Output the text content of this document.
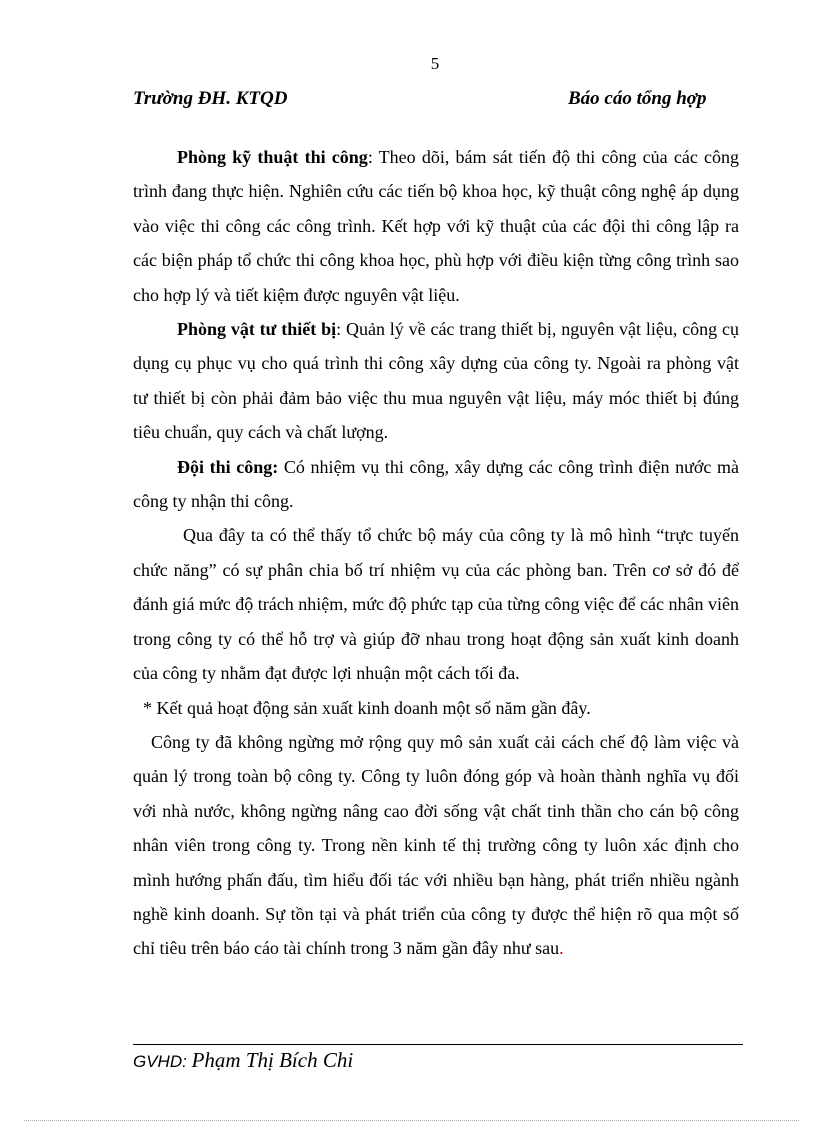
5
Trường ĐH. KTQD	Báo cáo tổng hợp

Phòng kỹ thuật thi công: Theo dõi, bám sát tiến độ thi công của các công trình đang thực hiện. Nghiên cứu các tiến bộ khoa học, kỹ thuật công nghệ áp dụng vào việc thi công các công trình. Kết hợp với kỹ thuật của các đội thi công lập ra các biện pháp tổ chức thi công khoa học, phù hợp với điều kiện từng công trình sao cho hợp lý và tiết kiệm được nguyên vật liệu.

Phòng vật tư thiết bị: Quản lý về các trang thiết bị, nguyên vật liệu, công cụ dụng cụ phục vụ cho quá trình thi công xây dựng của công ty. Ngoài ra phòng vật tư thiết bị còn phải đảm bảo việc thu mua nguyên vật liệu, máy móc thiết bị đúng tiêu chuẩn, quy cách và chất lượng.

Đội thi công: Có nhiệm vụ thi công, xây dựng các công trình điện nước mà công ty nhận thi công.

Qua đây ta có thể thấy tổ chức bộ máy của công ty là mô hình “trực tuyến chức năng” có sự phân chia bố trí nhiệm vụ của các phòng ban. Trên cơ sở đó để đánh giá mức độ trách nhiệm, mức độ phức tạp của từng công việc để các nhân viên trong công ty có thể hỗ trợ và giúp đỡ nhau trong hoạt động sản xuất kinh doanh của công ty nhằm đạt được lợi nhuận một cách tối đa.

* Kết quả hoạt động sản xuất kinh doanh một số năm gần đây.

Công ty đã không ngừng mở rộng quy mô sản xuất cải cách chế độ làm việc và quản lý trong toàn bộ công ty. Công ty luôn đóng góp và hoàn thành nghĩa vụ đối với nhà nước, không ngừng nâng cao đời sống vật chất tinh thần cho cán bộ công nhân viên trong công ty. Trong nền kinh tế thị trường công ty luôn xác định cho mình hướng phấn đấu, tìm hiểu đối tác với nhiều bạn hàng, phát triển nhiều ngành nghề kinh doanh. Sự tồn tại và phát triển của công ty được thể hiện rõ qua một số chỉ tiêu trên báo cáo tài chính trong 3 năm gần đây như sau.

GVHD: Phạm Thị Bích Chi
